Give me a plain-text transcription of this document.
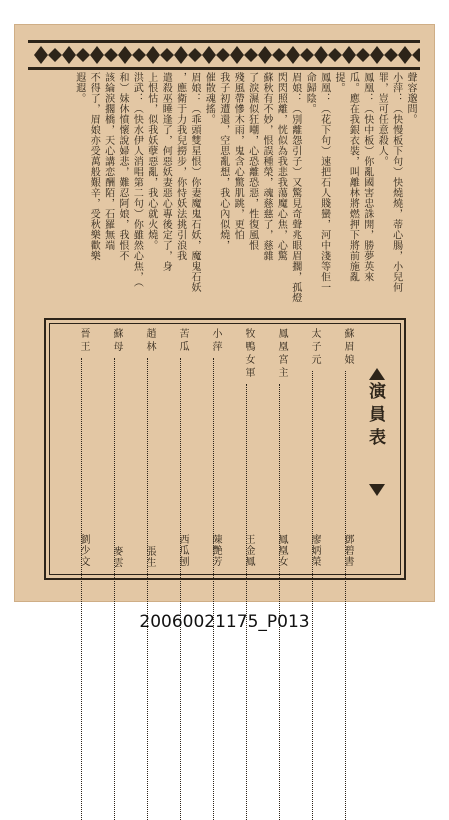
聲容邈問。
小萍：（快慢板下句）快燒燒，蒂心腸，小兒何
罪，豈可任意殺人。
鳳凰：（快中板）你亂國害忠誅開，勝夢英來
瓜。應在我銀衣裝，叫離林將燃押下將前施亂
提。
鳳凰：（花下句）速把石人賤蠻，河中淺等佢一
命歸陰。
眉娘：（別離怨引子）又驚見奇聲兆眼眉擱，孤燈
閃閃照離，恍似為我悲我蕩魔心焦，心驚
蘇秋有不妙，恨誤種榮，魂慈慈了，慈雜
了淚濕似狂嘲，心恐離恐惡，性復風恨
殘風帶慘木雨，鬼含心驚肌跳，更怕
我子初遭還，空思亂想，我心內似燒，
催散魂搖。
眉娘：（乖頭雙星恨）你妻魔鬼石妖，魔鬼石妖
，應衛于力我兒撈步，你恃妖法挑引浪我
遣殺巫睡逢了，何惡妖妻惡心專後定了，身
上恨怙，似我妖孽惡亂，我心就火燒。
洪武：（快水伊人消唱第二句）你雖然心焦，（
和）妹休憤懷說婦悲，難忍阿娘，我恨不
該綸淚擱橋，天心講恋酬陌，石羅無端
不得了，眉娘亦受萬般艱辛，受秋樂歡樂
遐遐。
演員表
蘇眉娘
鄧碧書
太子元
廖炳榮
鳳凰宮主
鳳凰女
牧鴨女軍
王金鳳
小萍
陳艷芳
苦瓜
西瓜刨
趙林
張生
蘇母
麥雲
晉王
劉少文
20060021175_P013
